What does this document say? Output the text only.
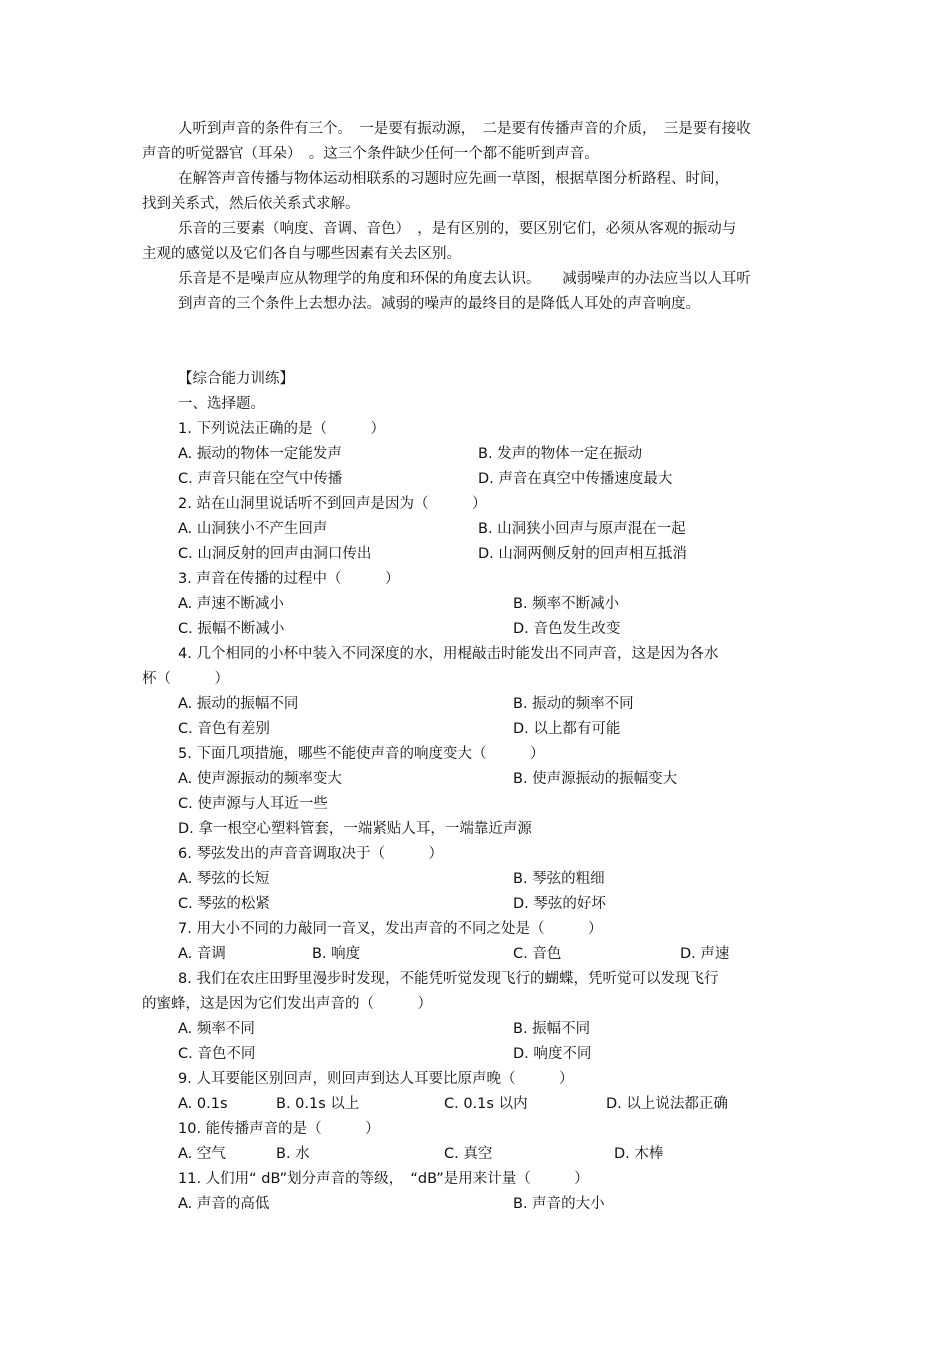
人听到声音的条件有三个。　一是要有振动源，　二是要有传播声音的介质，　三是要有接收
声音的听觉器官（耳朵）　。这三个条件缺少任何一个都不能听到声音。
在解答声音传播与物体运动相联系的习题时应先画一草图，根据草图分析路程、时间，
找到关系式，然后依关系式求解。
乐音的三要素（响度、音调、音色）　，是有区别的，要区别它们，必须从客观的振动与
主观的感觉以及它们各自与哪些因素有关去区别。
乐音是不是噪声应从物理学的角度和环保的角度去认识。　　减弱噪声的办法应当以人耳听
到声音的三个条件上去想办法。减弱的噪声的最终目的是降低人耳处的声音响度。
【综合能力训练】
一、选择题。
1. 下列说法正确的是（　　　）
A. 振动的物体一定能发声	B. 发声的物体一定在振动
C. 声音只能在空气中传播	D. 声音在真空中传播速度最大
2. 站在山洞里说话听不到回声是因为（　　　）
A. 山洞狭小不产生回声	B. 山洞狭小回声与原声混在一起
C. 山洞反射的回声由洞口传出	D. 山洞两侧反射的回声相互抵消
3. 声音在传播的过程中（　　　）
A. 声速不断减小	B. 频率不断减小
C. 振幅不断减小	D. 音色发生改变
4. 几个相同的小杯中装入不同深度的水，用棍敲击时能发出不同声音，这是因为各水
杯（　　　）
A. 振动的振幅不同	B. 振动的频率不同
C. 音色有差别	D. 以上都有可能
5. 下面几项措施，哪些不能使声音的响度变大（　　　）
A. 使声源振动的频率变大	B. 使声源振动的振幅变大
C. 使声源与人耳近一些
D. 拿一根空心塑料管套，一端紧贴人耳，一端靠近声源
6. 琴弦发出的声音音调取决于（　　　）
A. 琴弦的长短	B. 琴弦的粗细
C. 琴弦的松紧	D. 琴弦的好坏
7. 用大小不同的力敲同一音叉，发出声音的不同之处是（　　　）
A. 音调	B. 响度	C. 音色	D. 声速
8. 我们在农庄田野里漫步时发现，不能凭听觉发现飞行的蝴蝶，凭听觉可以发现飞行
的蜜蜂，这是因为它们发出声音的（　　　）
A. 频率不同	B. 振幅不同
C. 音色不同	D. 响度不同
9. 人耳要能区别回声，则回声到达人耳要比原声晚（　　　）
A. 0.1s	B. 0.1s 以上	C. 0.1s 以内	D. 以上说法都正确
10. 能传播声音的是（　　　）
A. 空气	B. 水	C. 真空	D. 木棒
11. 人们用“ dB”划分声音的等级，　“dB”是用来计量（　　　）
A. 声音的高低	B. 声音的大小
